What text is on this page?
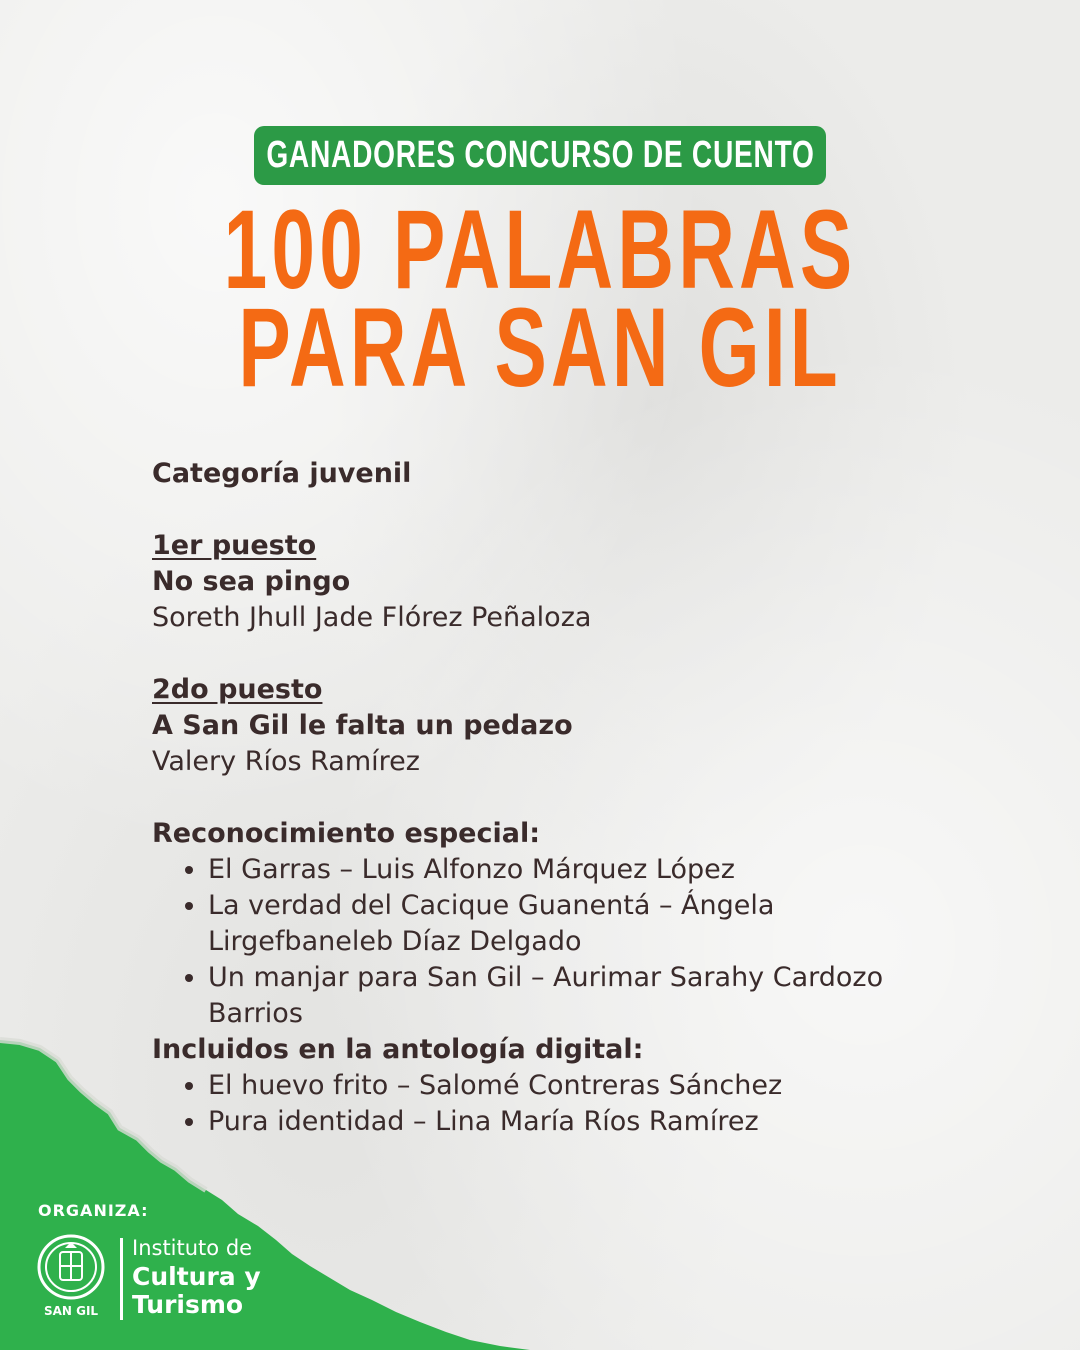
GANADORES CONCURSO DE CUENTO
100 PALABRAS
PARA SAN GIL
Categoría juvenil
1er puesto
No sea pingo
Soreth Jhull Jade Flórez Peñaloza
2do puesto
A San Gil le falta un pedazo
Valery Ríos Ramírez
Reconocimiento especial:
• El Garras – Luis Alfonzo Márquez López
• La verdad del Cacique Guanentá – Ángela Lirgefbaneleb Díaz Delgado
• Un manjar para San Gil – Aurimar Sarahy Cardozo Barrios
Incluidos en la antología digital:
• El huevo frito – Salomé Contreras Sánchez
• Pura identidad – Lina María Ríos Ramírez
ORGANIZA:
SAN GIL
Instituto de
Cultura y
Turismo
